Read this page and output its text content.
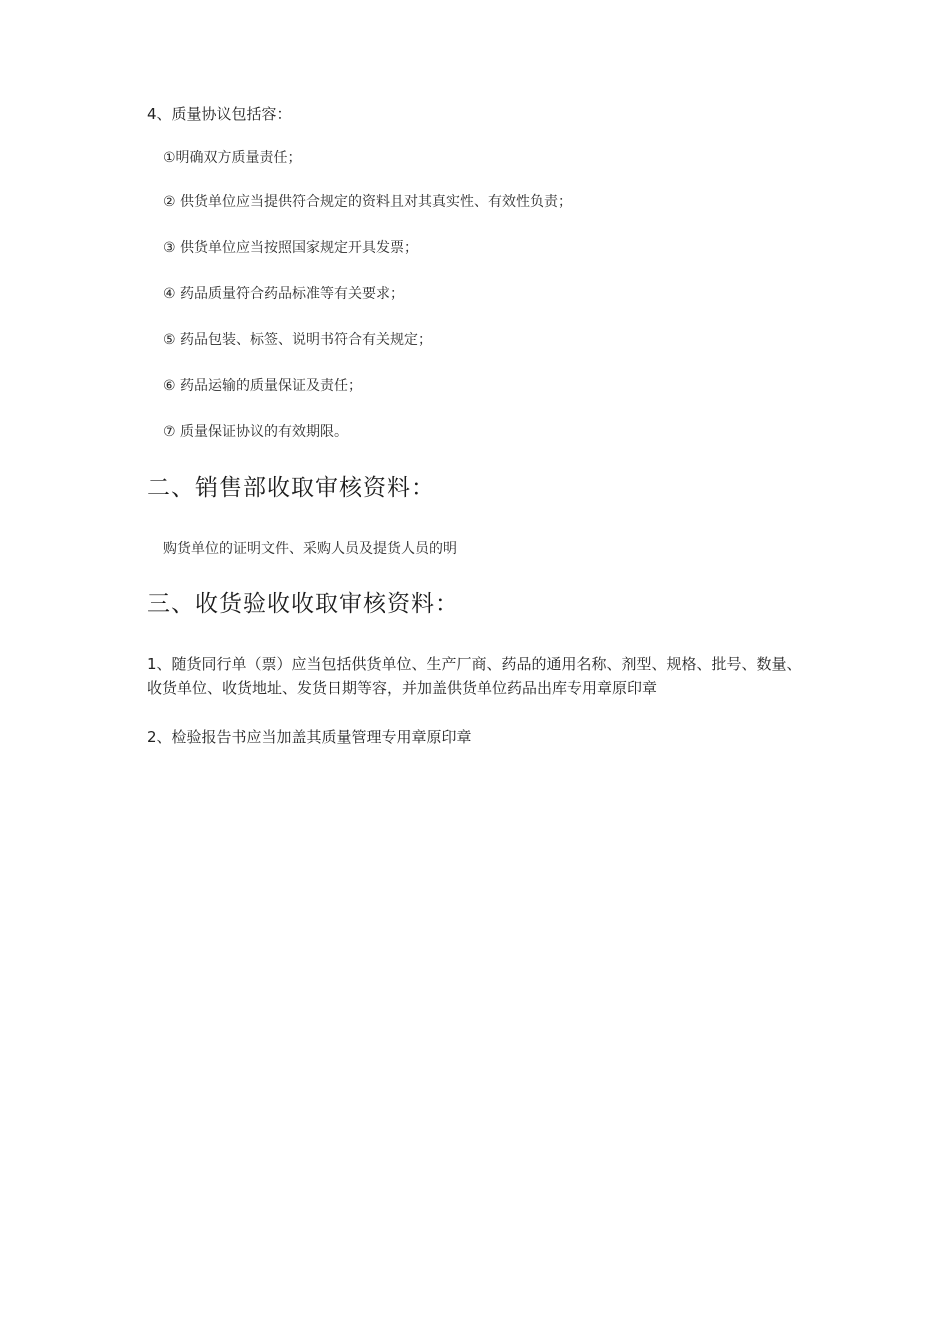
4、质量协议包括容：
①明确双方质量责任；
② 供货单位应当提供符合规定的资料且对其真实性、有效性负责；
③ 供货单位应当按照国家规定开具发票；
④ 药品质量符合药品标准等有关要求；
⑤ 药品包装、标签、说明书符合有关规定；
⑥ 药品运输的质量保证及责任；
⑦ 质量保证协议的有效期限。
二、销售部收取审核资料：
购货单位的证明文件、采购人员及提货人员的明
三、收货验收收取审核资料：
1、随货同行单（票）应当包括供货单位、生产厂商、药品的通用名称、剂型、规格、批号、数量、收货单位、收货地址、发货日期等容，并加盖供货单位药品出库专用章原印章
2、检验报告书应当加盖其质量管理专用章原印章
